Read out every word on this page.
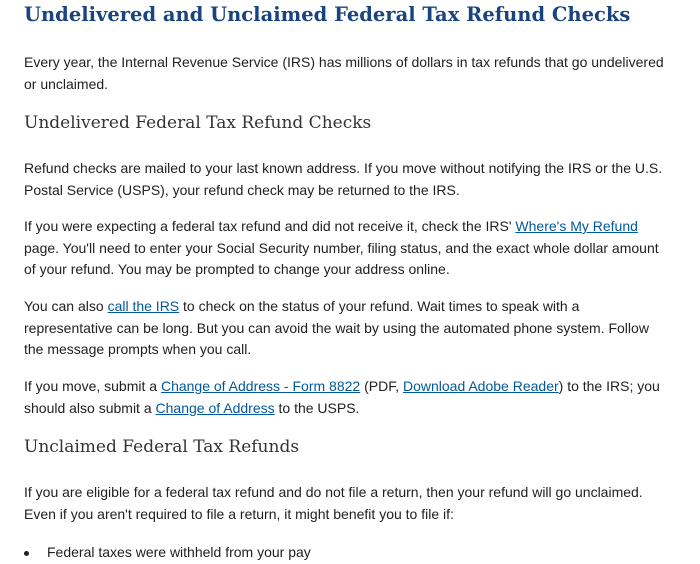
Undelivered and Unclaimed Federal Tax Refund Checks

Every year, the Internal Revenue Service (IRS) has millions of dollars in tax refunds that go undelivered or unclaimed.

Undelivered Federal Tax Refund Checks

Refund checks are mailed to your last known address. If you move without notifying the IRS or the U.S. Postal Service (USPS), your refund check may be returned to the IRS.

If you were expecting a federal tax refund and did not receive it, check the IRS' Where's My Refund page. You'll need to enter your Social Security number, filing status, and the exact whole dollar amount of your refund. You may be prompted to change your address online.

You can also call the IRS to check on the status of your refund. Wait times to speak with a representative can be long. But you can avoid the wait by using the automated phone system. Follow the message prompts when you call.

If you move, submit a Change of Address - Form 8822 (PDF, Download Adobe Reader) to the IRS; you should also submit a Change of Address to the USPS.

Unclaimed Federal Tax Refunds

If you are eligible for a federal tax refund and do not file a return, then your refund will go unclaimed. Even if you aren't required to file a return, it might benefit you to file if:

Federal taxes were withheld from your pay
